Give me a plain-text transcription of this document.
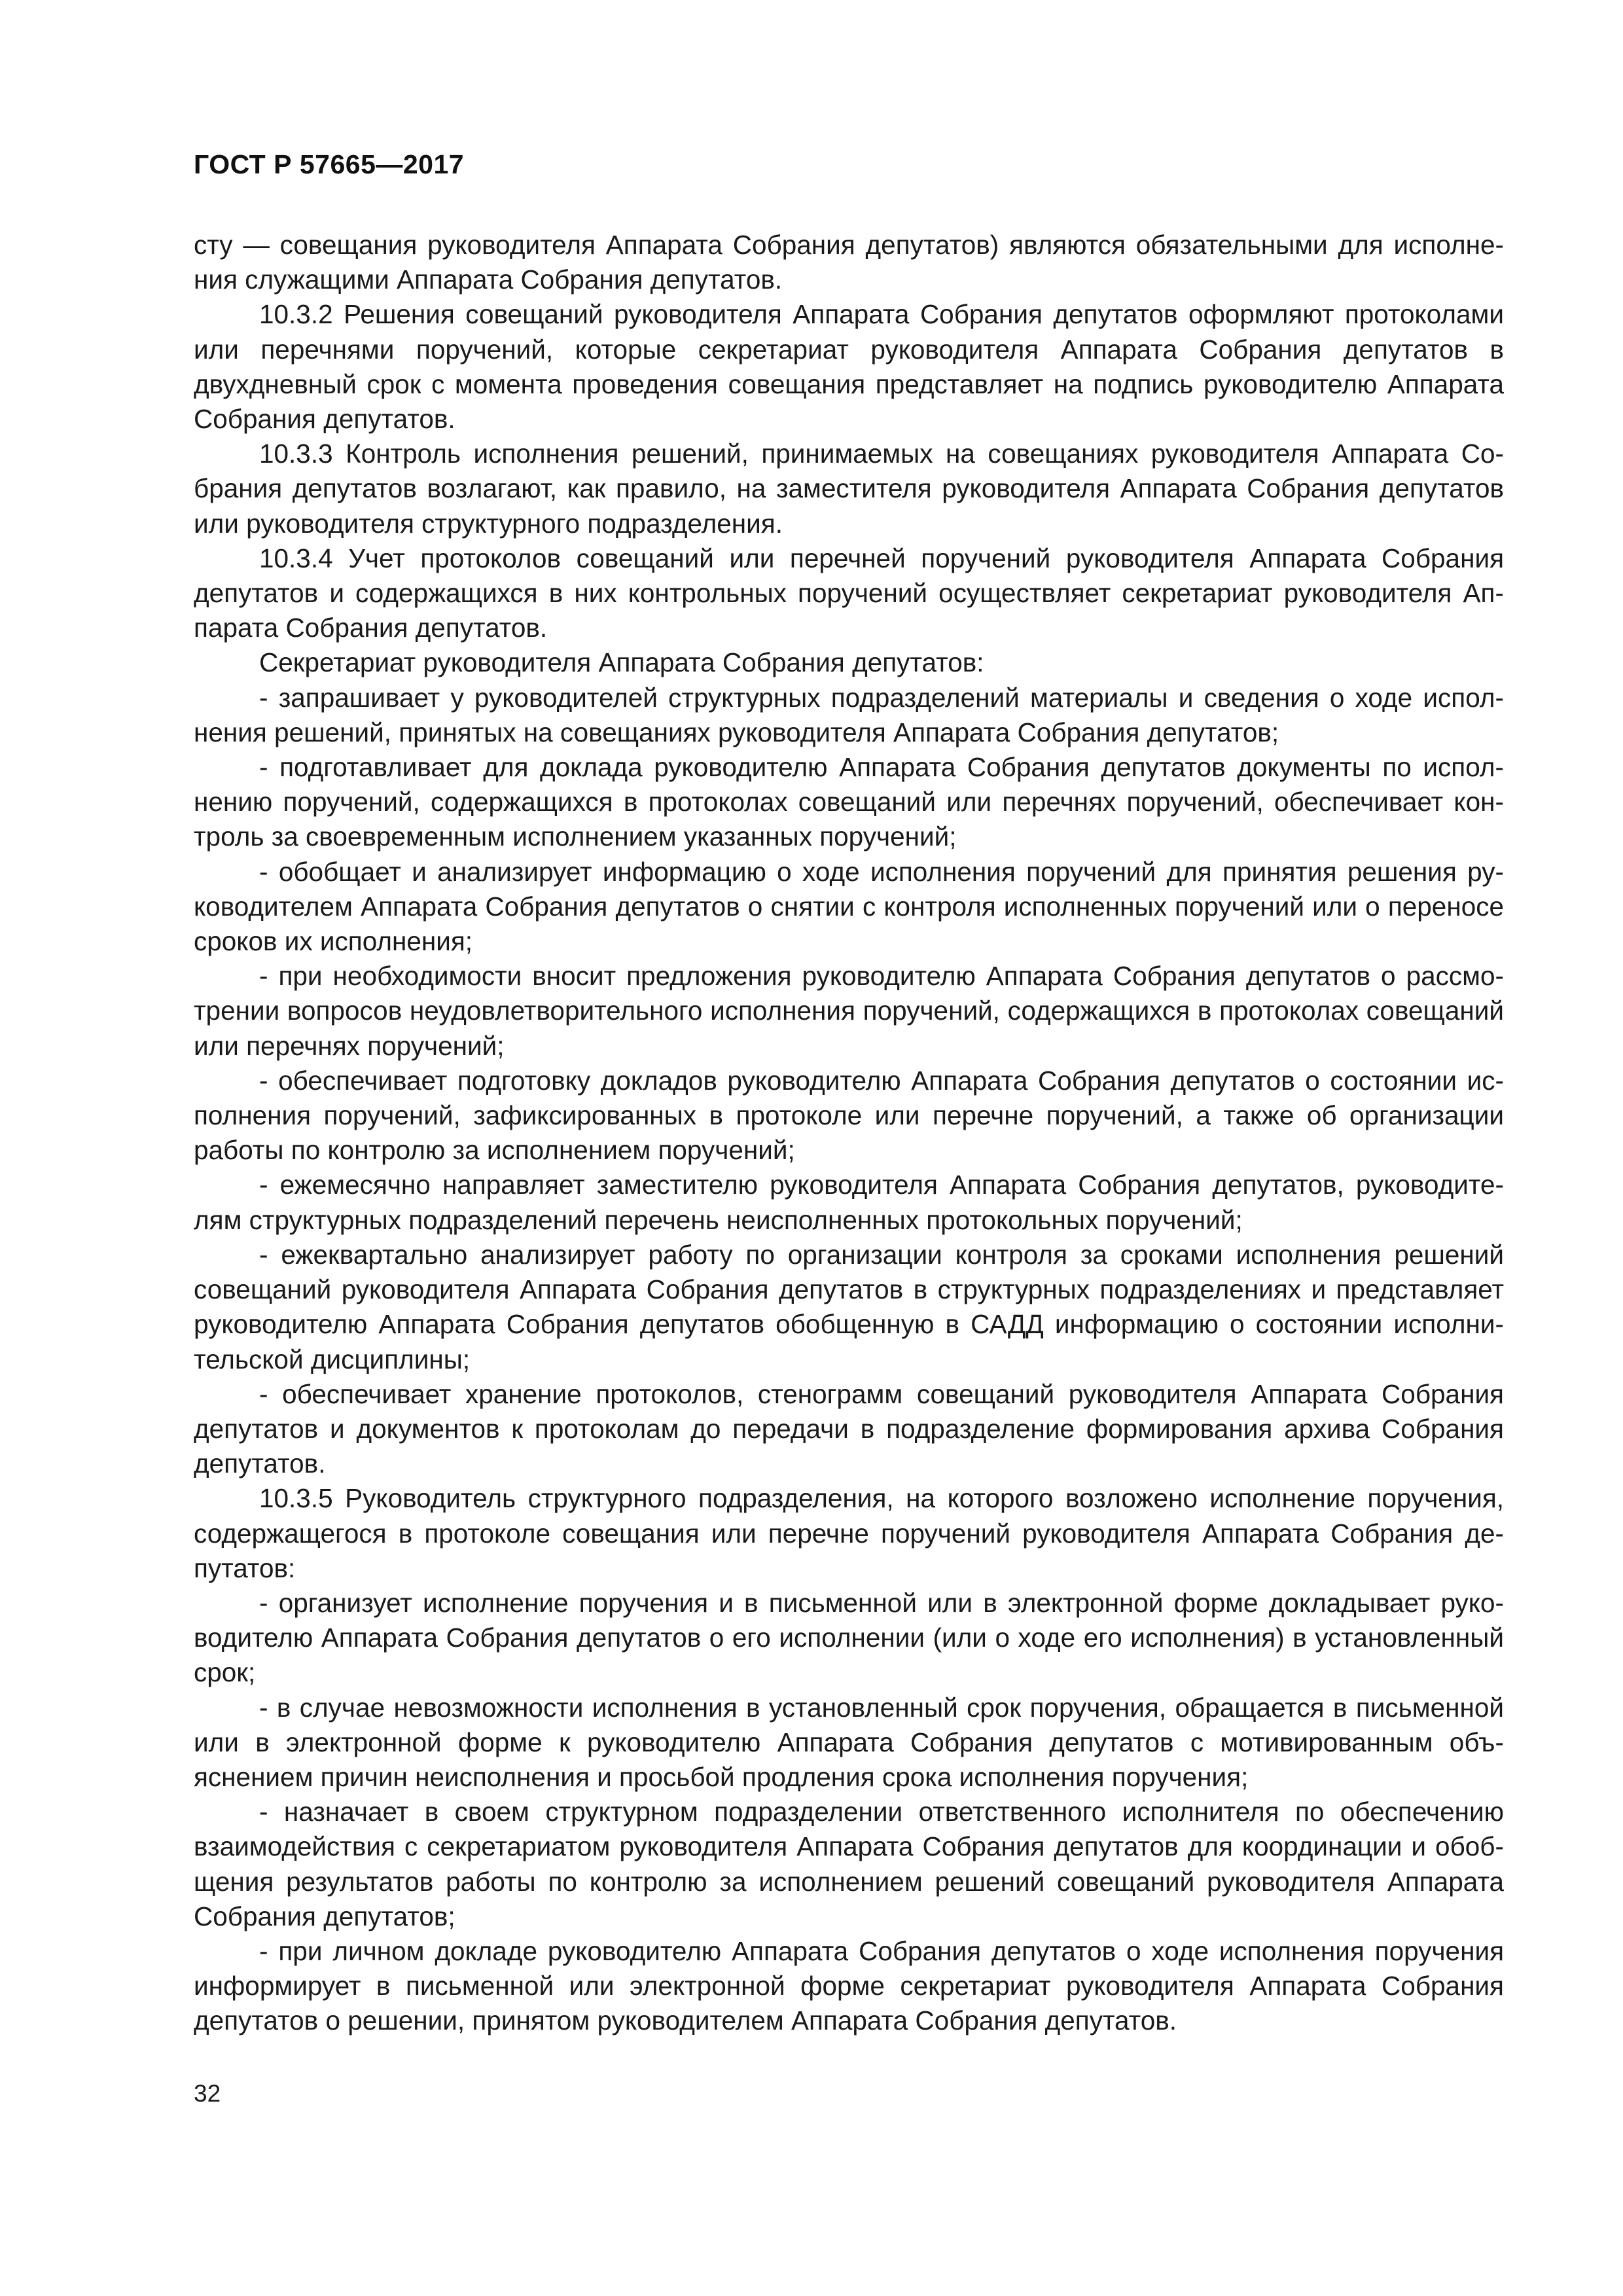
ГОСТ Р 57665—2017

сту — совещания руководителя Аппарата Собрания депутатов) являются обязательными для исполнения служащими Аппарата Собрания депутатов.

10.3.2 Решения совещаний руководителя Аппарата Собрания депутатов оформляют протоколами или перечнями поручений, которые секретариат руководителя Аппарата Собрания депутатов в двухдневный срок с момента проведения совещания представляет на подпись руководителю Аппарата Собрания депутатов.

10.3.3 Контроль исполнения решений, принимаемых на совещаниях руководителя Аппарата Собрания депутатов возлагают, как правило, на заместителя руководителя Аппарата Собрания депутатов или руководителя структурного подразделения.

10.3.4 Учет протоколов совещаний или перечней поручений руководителя Аппарата Собрания депутатов и содержащихся в них контрольных поручений осуществляет секретариат руководителя Аппарата Собрания депутатов.

Секретариат руководителя Аппарата Собрания депутатов:

- запрашивает у руководителей структурных подразделений материалы и сведения о ходе исполнения решений, принятых на совещаниях руководителя Аппарата Собрания депутатов;

- подготавливает для доклада руководителю Аппарата Собрания депутатов документы по исполнению поручений, содержащихся в протоколах совещаний или перечнях поручений, обеспечивает контроль за своевременным исполнением указанных поручений;

- обобщает и анализирует информацию о ходе исполнения поручений для принятия решения руководителем Аппарата Собрания депутатов о снятии с контроля исполненных поручений или о переносе сроков их исполнения;

- при необходимости вносит предложения руководителю Аппарата Собрания депутатов о рассмотрении вопросов неудовлетворительного исполнения поручений, содержащихся в протоколах совещаний или перечнях поручений;

- обеспечивает подготовку докладов руководителю Аппарата Собрания депутатов о состоянии исполнения поручений, зафиксированных в протоколе или перечне поручений, а также об организации работы по контролю за исполнением поручений;

- ежемесячно направляет заместителю руководителя Аппарата Собрания депутатов, руководителям структурных подразделений перечень неисполненных протокольных поручений;

- ежеквартально анализирует работу по организации контроля за сроками исполнения решений совещаний руководителя Аппарата Собрания депутатов в структурных подразделениях и представляет руководителю Аппарата Собрания депутатов обобщенную в САДД информацию о состоянии исполнительской дисциплины;

- обеспечивает хранение протоколов, стенограмм совещаний руководителя Аппарата Собрания депутатов и документов к протоколам до передачи в подразделение формирования архива Собрания депутатов.

10.3.5 Руководитель структурного подразделения, на которого возложено исполнение поручения, содержащегося в протоколе совещания или перечне поручений руководителя Аппарата Собрания депутатов:

- организует исполнение поручения и в письменной или в электронной форме докладывает руководителю Аппарата Собрания депутатов о его исполнении (или о ходе его исполнения) в установленный срок;

- в случае невозможности исполнения в установленный срок поручения, обращается в письменной или в электронной форме к руководителю Аппарата Собрания депутатов с мотивированным объяснением причин неисполнения и просьбой продления срока исполнения поручения;

- назначает в своем структурном подразделении ответственного исполнителя по обеспечению взаимодействия с секретариатом руководителя Аппарата Собрания депутатов для координации и обобщения результатов работы по контролю за исполнением решений совещаний руководителя Аппарата Собрания депутатов;

- при личном докладе руководителю Аппарата Собрания депутатов о ходе исполнения поручения информирует в письменной или электронной форме секретариат руководителя Аппарата Собрания депутатов о решении, принятом руководителем Аппарата Собрания депутатов.

32
